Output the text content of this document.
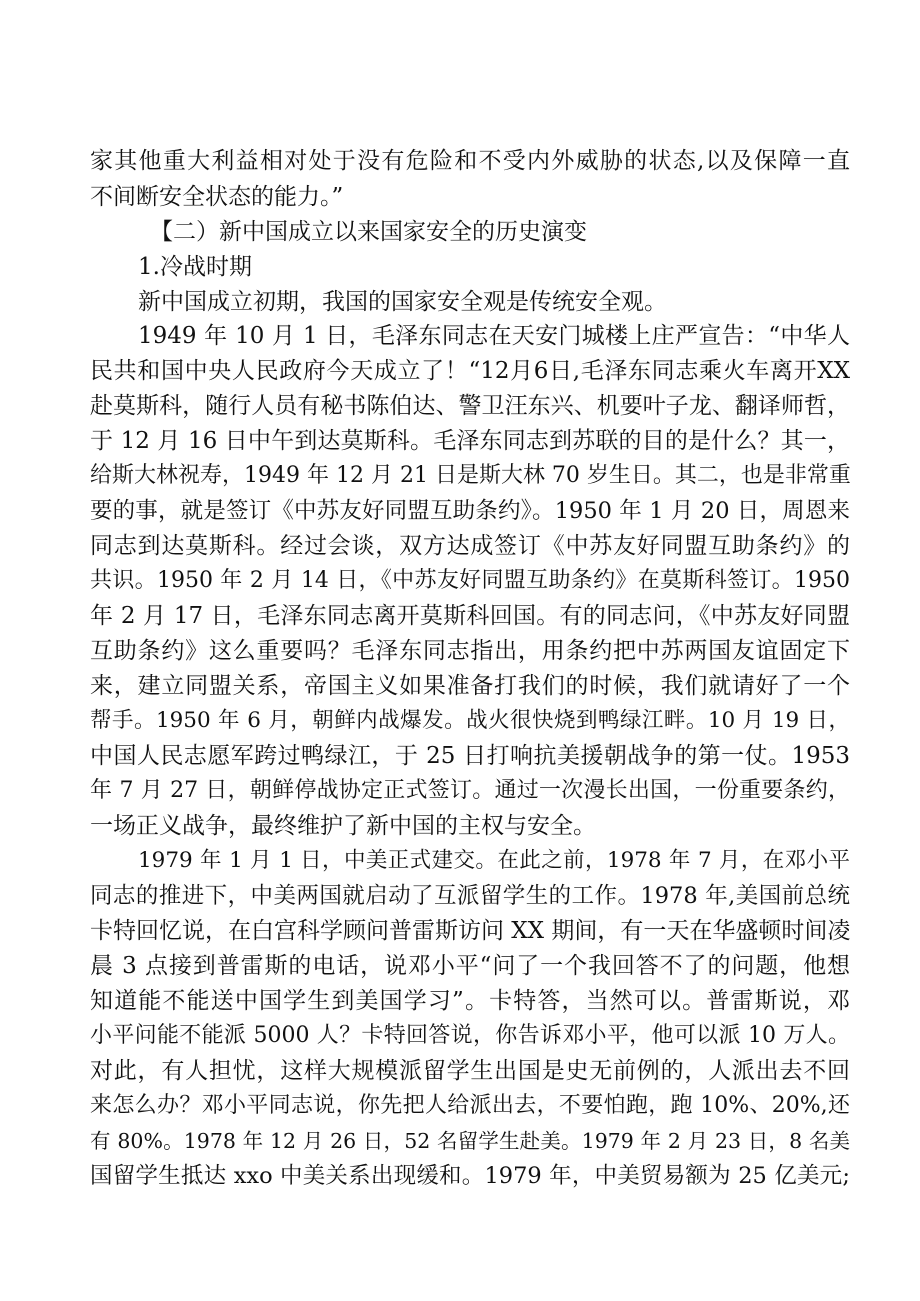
家其他重大利益相对处于没有危险和不受内外威胁的状态,以及保障一直
不间断安全状态的能力。”
【二）新中国成立以来国家安全的历史演变
1.冷战时期
新中国成立初期，我国的国家安全观是传统安全观。
1949 年 10 月 1 日，毛泽东同志在天安门城楼上庄严宣告：“中华人
民共和国中央人民政府今天成立了！“12月6日,毛泽东同志乘火车离开XX
赴莫斯科，随行人员有秘书陈伯达、警卫汪东兴、机要叶子龙、翻译师哲，
于 12 月 16 日中午到达莫斯科。毛泽东同志到苏联的目的是什么？其一，
给斯大林祝寿，1949 年 12 月 21 日是斯大林 70 岁生日。其二，也是非常重
要的事，就是签订《中苏友好同盟互助条约》。1950 年 1 月 20 日，周恩来
同志到达莫斯科。经过会谈，双方达成签订《中苏友好同盟互助条约》的
共识。1950 年 2 月 14 日，《中苏友好同盟互助条约》在莫斯科签订。1950
年 2 月 17 日，毛泽东同志离开莫斯科回国。有的同志问，《中苏友好同盟
互助条约》这么重要吗？毛泽东同志指出，用条约把中苏两国友谊固定下
来，建立同盟关系，帝国主义如果准备打我们的时候，我们就请好了一个
帮手。1950 年 6 月，朝鲜内战爆发。战火很快烧到鸭绿江畔。10 月 19 日，
中国人民志愿军跨过鸭绿江，于 25 日打响抗美援朝战争的第一仗。1953
年 7 月 27 日，朝鲜停战协定正式签订。通过一次漫长出国，一份重要条约，
一场正义战争，最终维护了新中国的主权与安全。
1979 年 1 月 1 日，中美正式建交。在此之前，1978 年 7 月，在邓小平
同志的推进下，中美两国就启动了互派留学生的工作。1978 年,美国前总统
卡特回忆说，在白宫科学顾问普雷斯访问 XX 期间，有一天在华盛顿时间凌
晨 3 点接到普雷斯的电话，说邓小平“问了一个我回答不了的问题，他想
知道能不能送中国学生到美国学习”。卡特答，当然可以。普雷斯说，邓
小平问能不能派 5000 人？卡特回答说，你告诉邓小平，他可以派 10 万人。
对此，有人担忧，这样大规模派留学生出国是史无前例的，人派出去不回
来怎么办？邓小平同志说，你先把人给派出去，不要怕跑，跑 10%、20%,还
有 80%。1978 年 12 月 26 日，52 名留学生赴美。1979 年 2 月 23 日，8 名美
国留学生抵达 xxo 中美关系出现缓和。1979 年，中美贸易额为 25 亿美元;
